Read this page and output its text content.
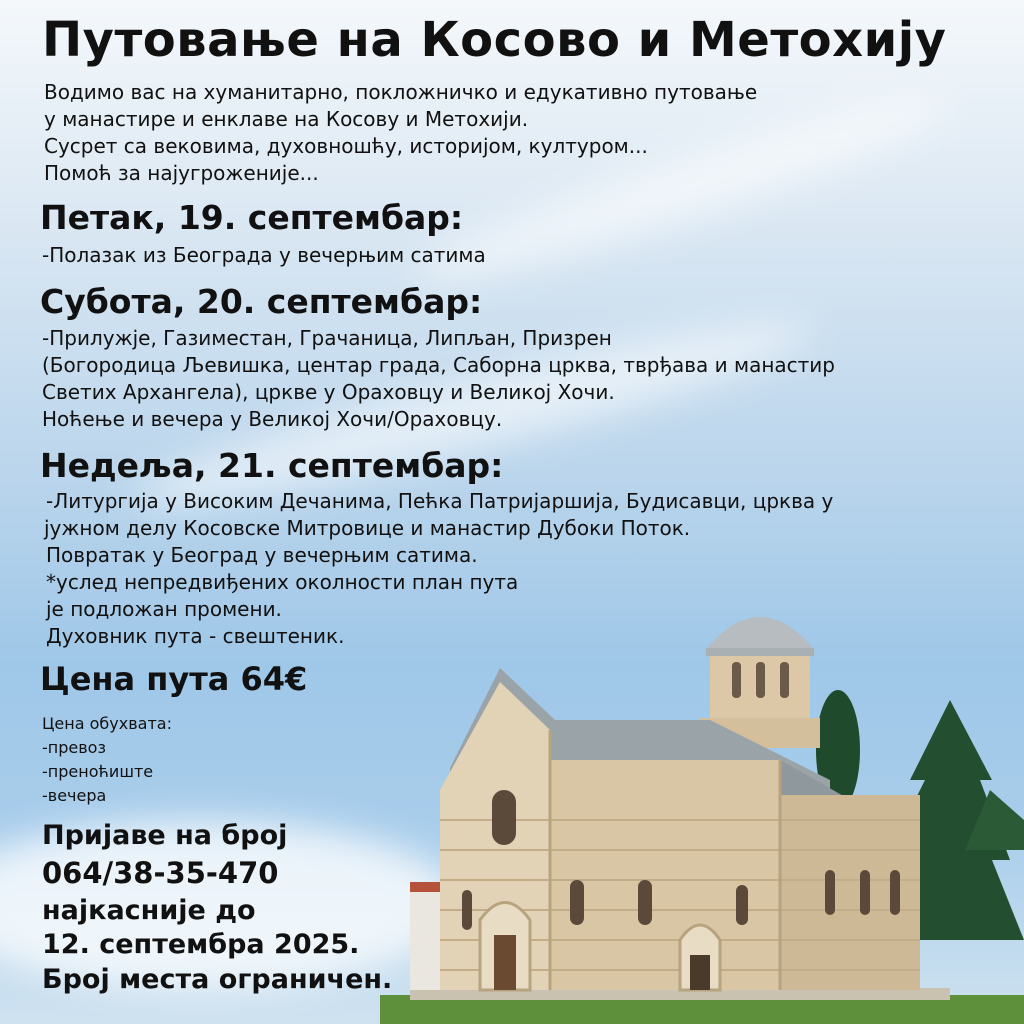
Путовање на Косово и Метохију
Водимо вас на хуманитарно, покложничко и едукативно путовање
у манастире и енклаве на Косову и Метохији.
Сусрет са вековима, духовношћу, историјом, културом...
Помоћ за најугроженије...
Петак, 19. септембар:
-Полазак из Београда у вечерњим сатима
Субота, 20. септембар:
-Прилужје, Газиместан, Грачаница, Липљан, Призрен
(Богородица Љевишка, центар града, Саборна црква, тврђава и манастир
Светих Архангела), цркве у Ораховцу и Великој Хочи.
Ноћење и вечера у Великој Хочи/Ораховцу.
Недеља, 21. септембар:
-Литургија у Високим Дечанима, Пећка Патријаршија, Будисавци, црква у
јужном делу Косовске Митровице и манастир Дубоки Поток.
Повратак у Београд у вечерњим сатима.
*услед непредвиђених околности план пута
је подложан промени.
Духовник пута - свештеник.
Цена пута 64€
Цена обухвата:
-превоз
-преноћиште
-вечера
Пријаве на број
064/38-35-470
најкасније до
12. септембра 2025.
Број места ограничен.
